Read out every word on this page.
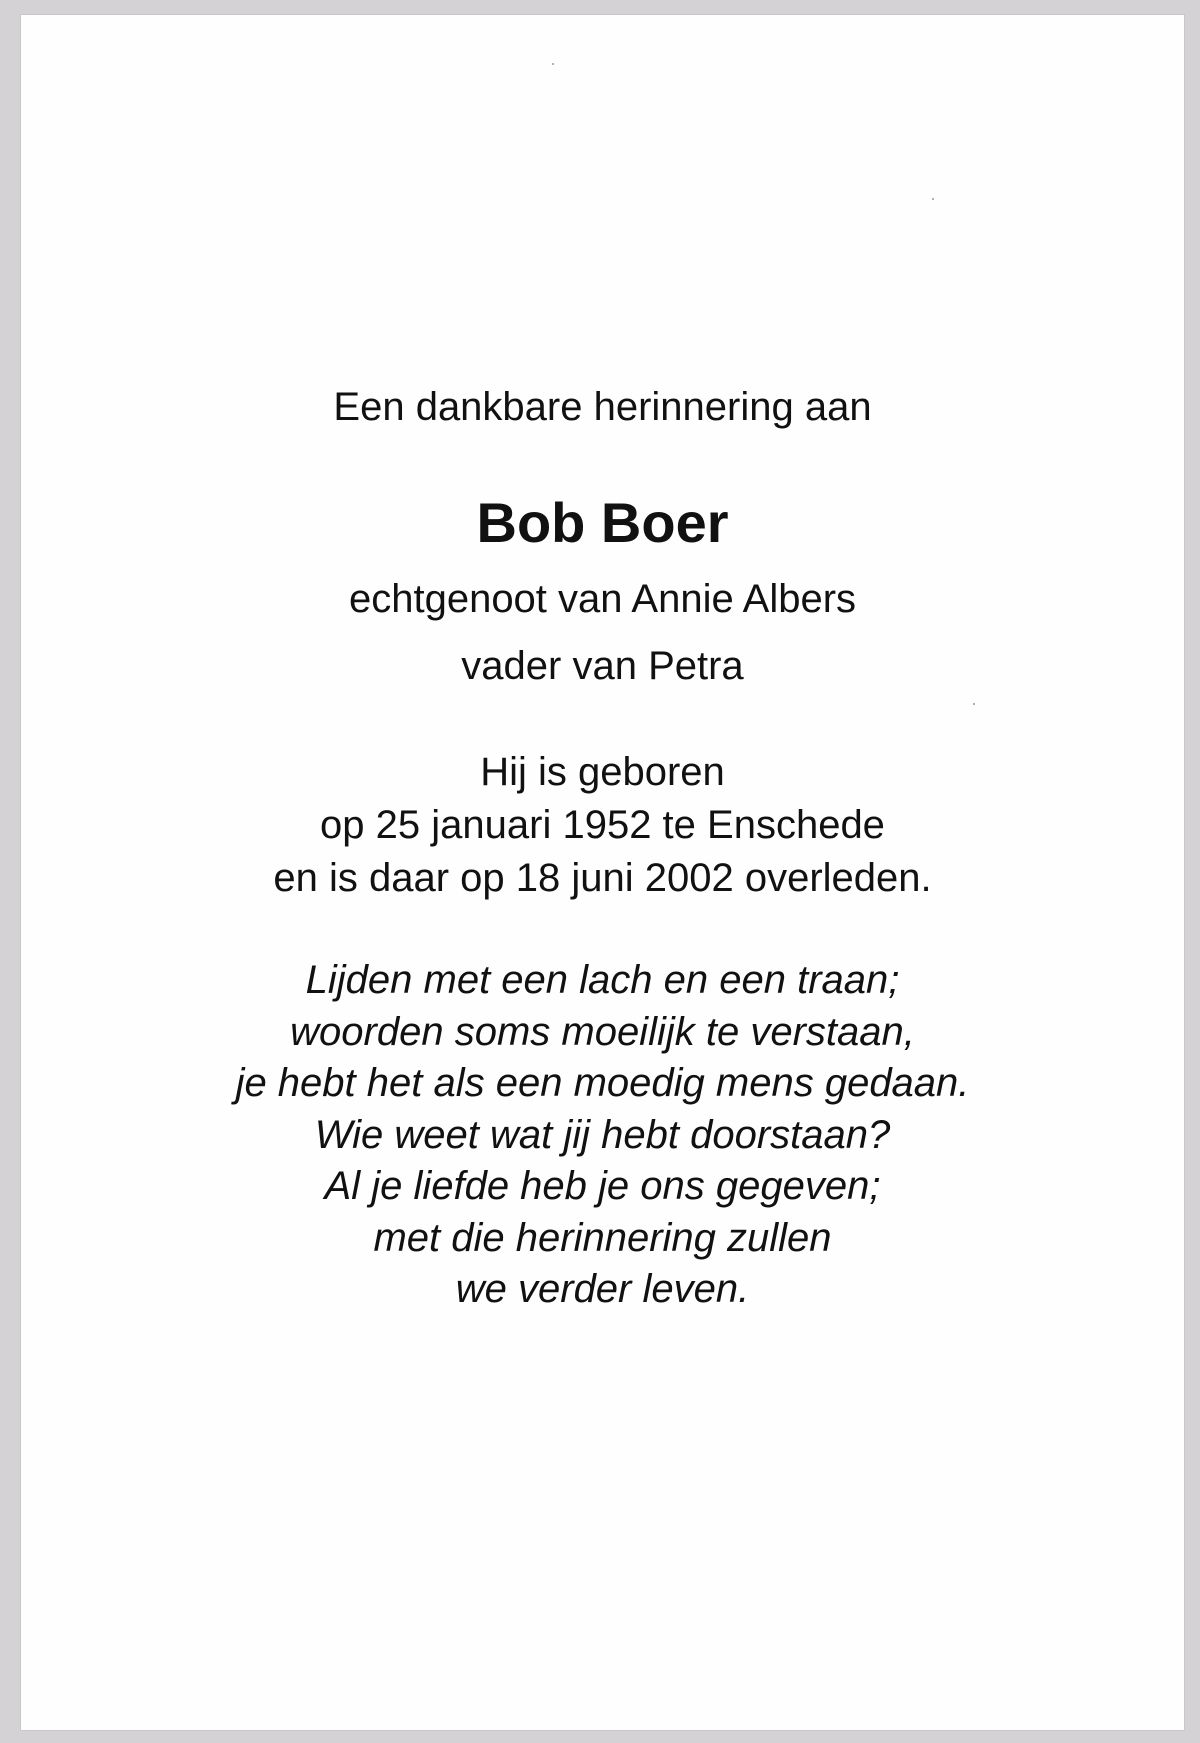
Een dankbare herinnering aan
Bob Boer
echtgenoot van Annie Albers
vader van Petra
Hij is geboren
op 25 januari 1952 te Enschede
en is daar op 18 juni 2002 overleden.
Lijden met een lach en een traan;
woorden soms moeilijk te verstaan,
je hebt het als een moedig mens gedaan.
Wie weet wat jij hebt doorstaan?
Al je liefde heb je ons gegeven;
met die herinnering zullen
we verder leven.
